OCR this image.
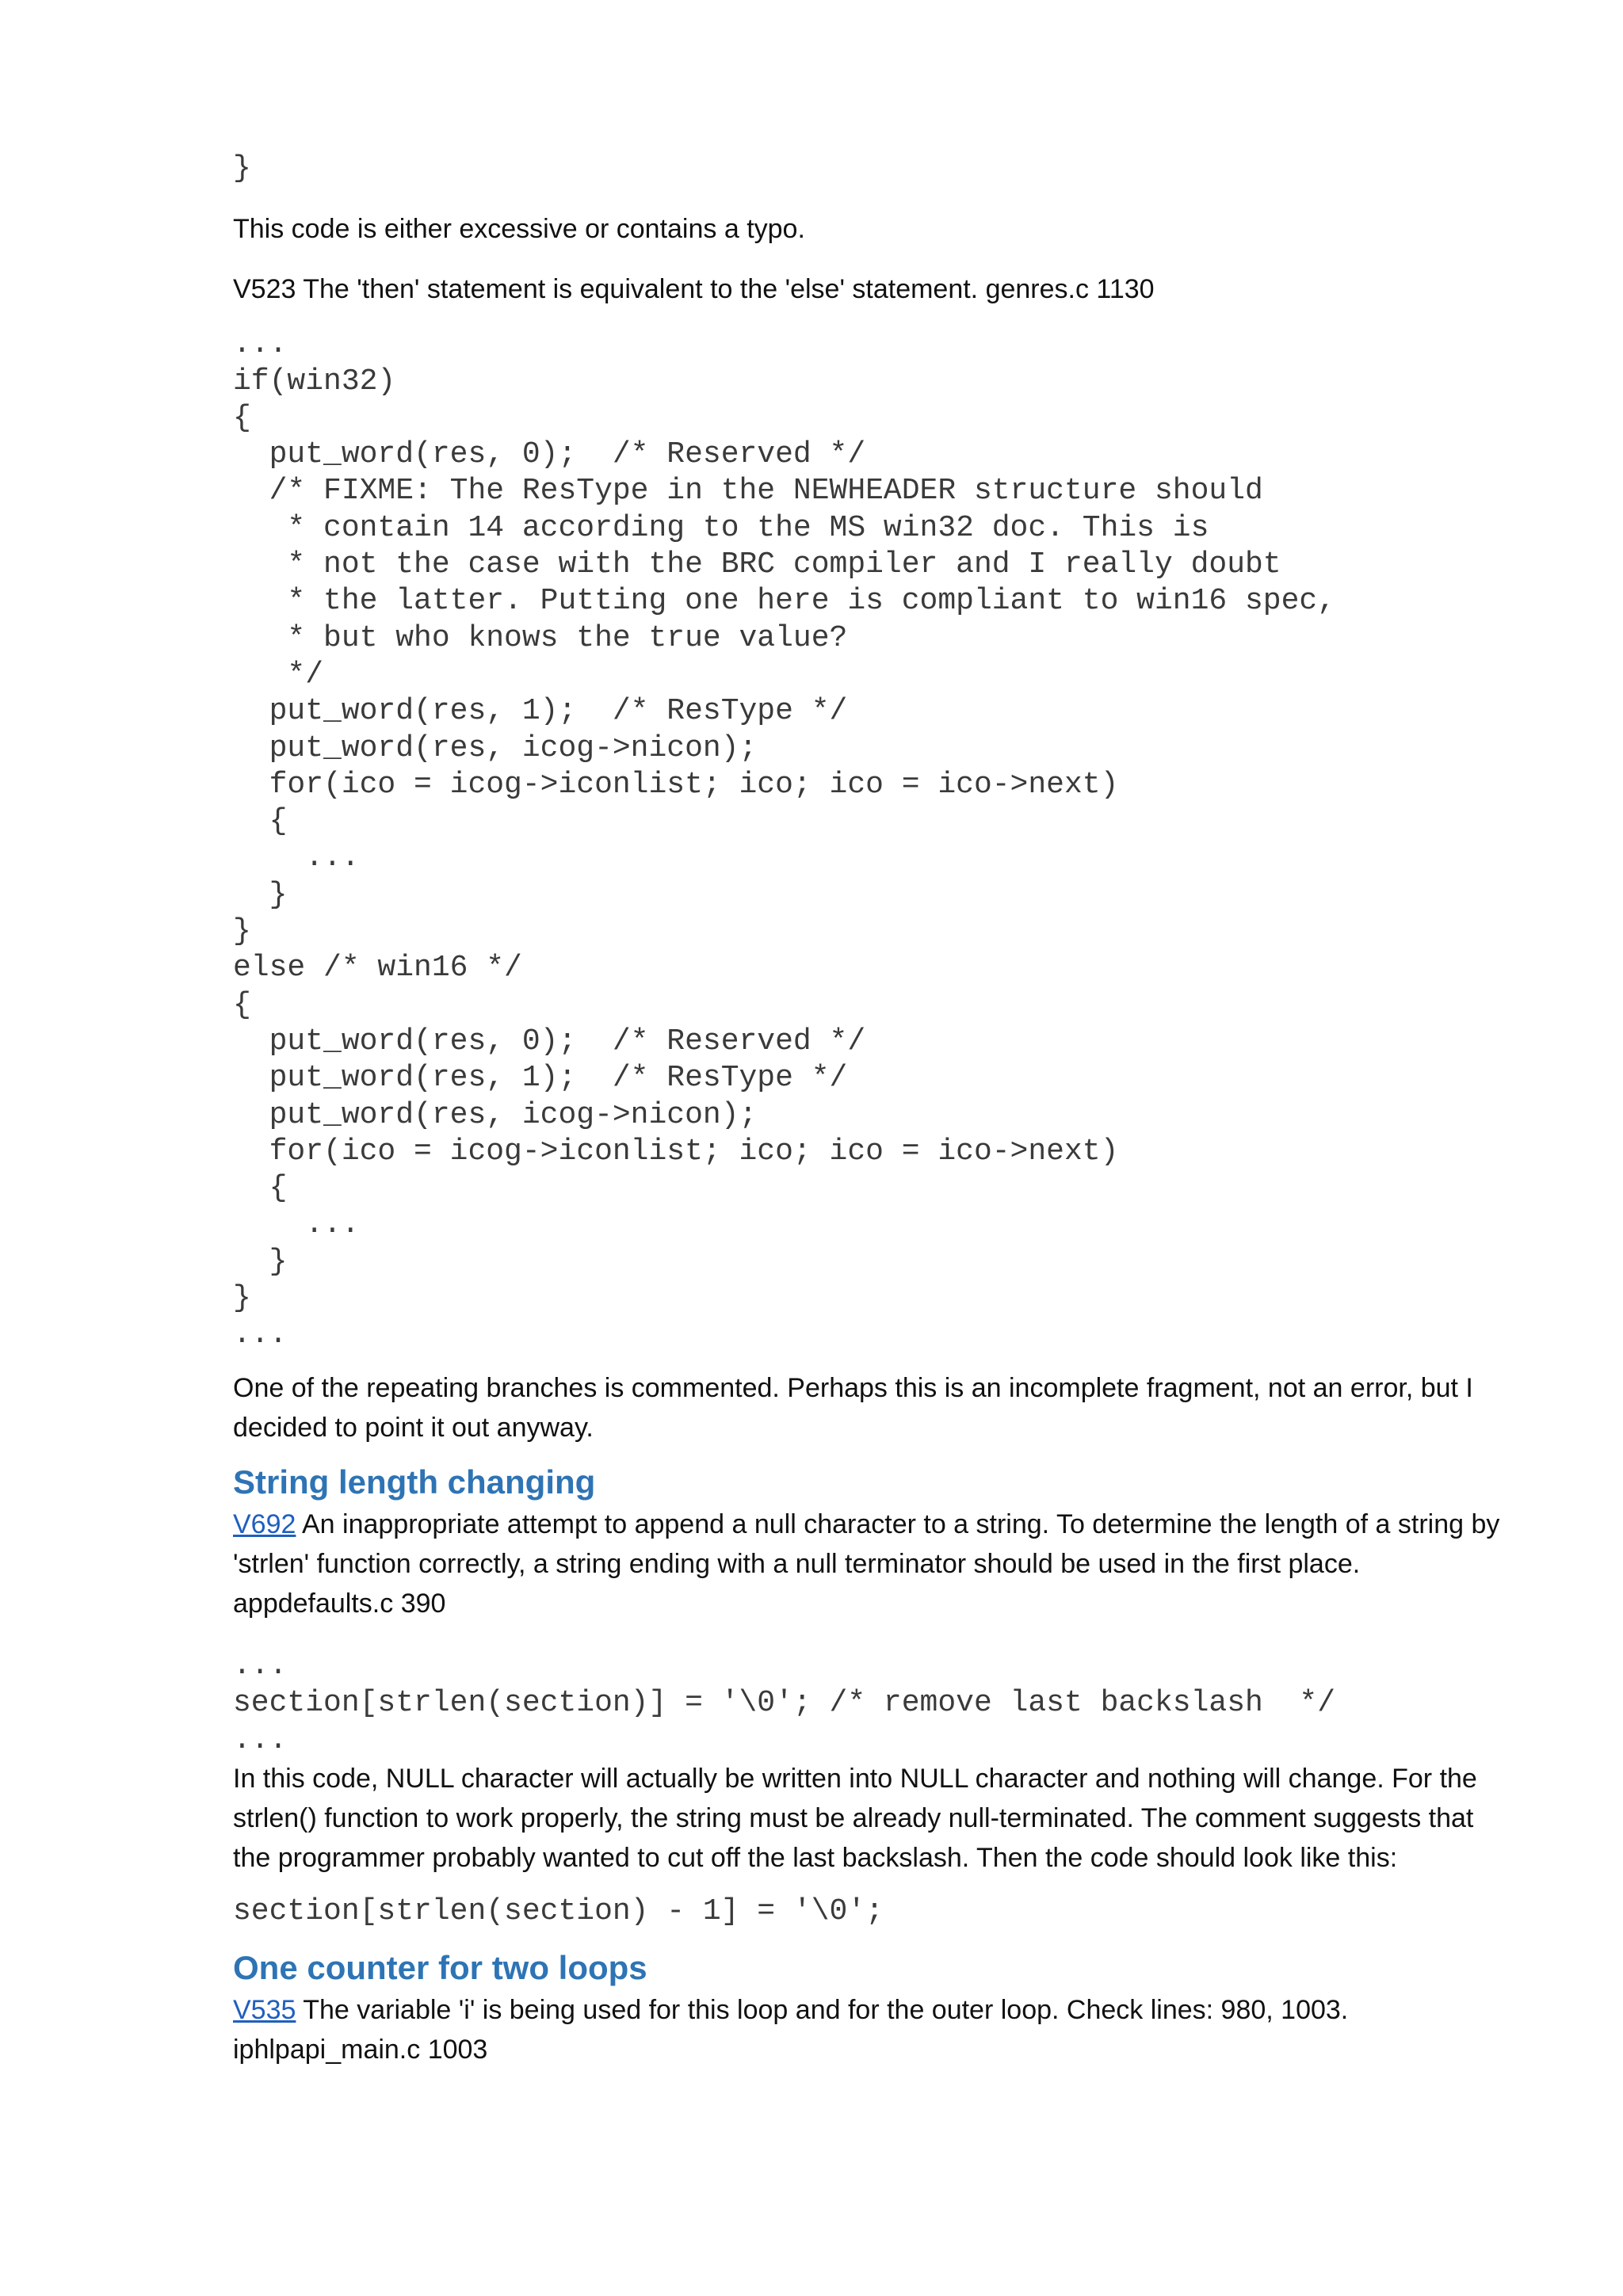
}

This code is either excessive or contains a typo.

V523 The 'then' statement is equivalent to the 'else' statement. genres.c 1130

...
if(win32)
{
put_word(res, 0);  /* Reserved */
/* FIXME: The ResType in the NEWHEADER structure should
* contain 14 according to the MS win32 doc. This is
* not the case with the BRC compiler and I really doubt
* the latter. Putting one here is compliant to win16 spec,
* but who knows the true value?
*/
put_word(res, 1);  /* ResType */
put_word(res, icog->nicon);
for(ico = icog->iconlist; ico; ico = ico->next)
{
...
}
}
else /* win16 */
{
put_word(res, 0);  /* Reserved */
put_word(res, 1);  /* ResType */
put_word(res, icog->nicon);
for(ico = icog->iconlist; ico; ico = ico->next)
{
...
}
}
...

One of the repeating branches is commented. Perhaps this is an incomplete fragment, not an error, but I decided to point it out anyway.

String length changing

V692 An inappropriate attempt to append a null character to a string. To determine the length of a string by 'strlen' function correctly, a string ending with a null terminator should be used in the first place. appdefaults.c 390

...
section[strlen(section)] = '\0'; /* remove last backslash  */
...

In this code, NULL character will actually be written into NULL character and nothing will change. For the strlen() function to work properly, the string must be already null-terminated. The comment suggests that the programmer probably wanted to cut off the last backslash. Then the code should look like this:

section[strlen(section) - 1] = '\0';
One counter for two loops

V535 The variable 'i' is being used for this loop and for the outer loop. Check lines: 980, 1003. iphlpapi_main.c 1003
